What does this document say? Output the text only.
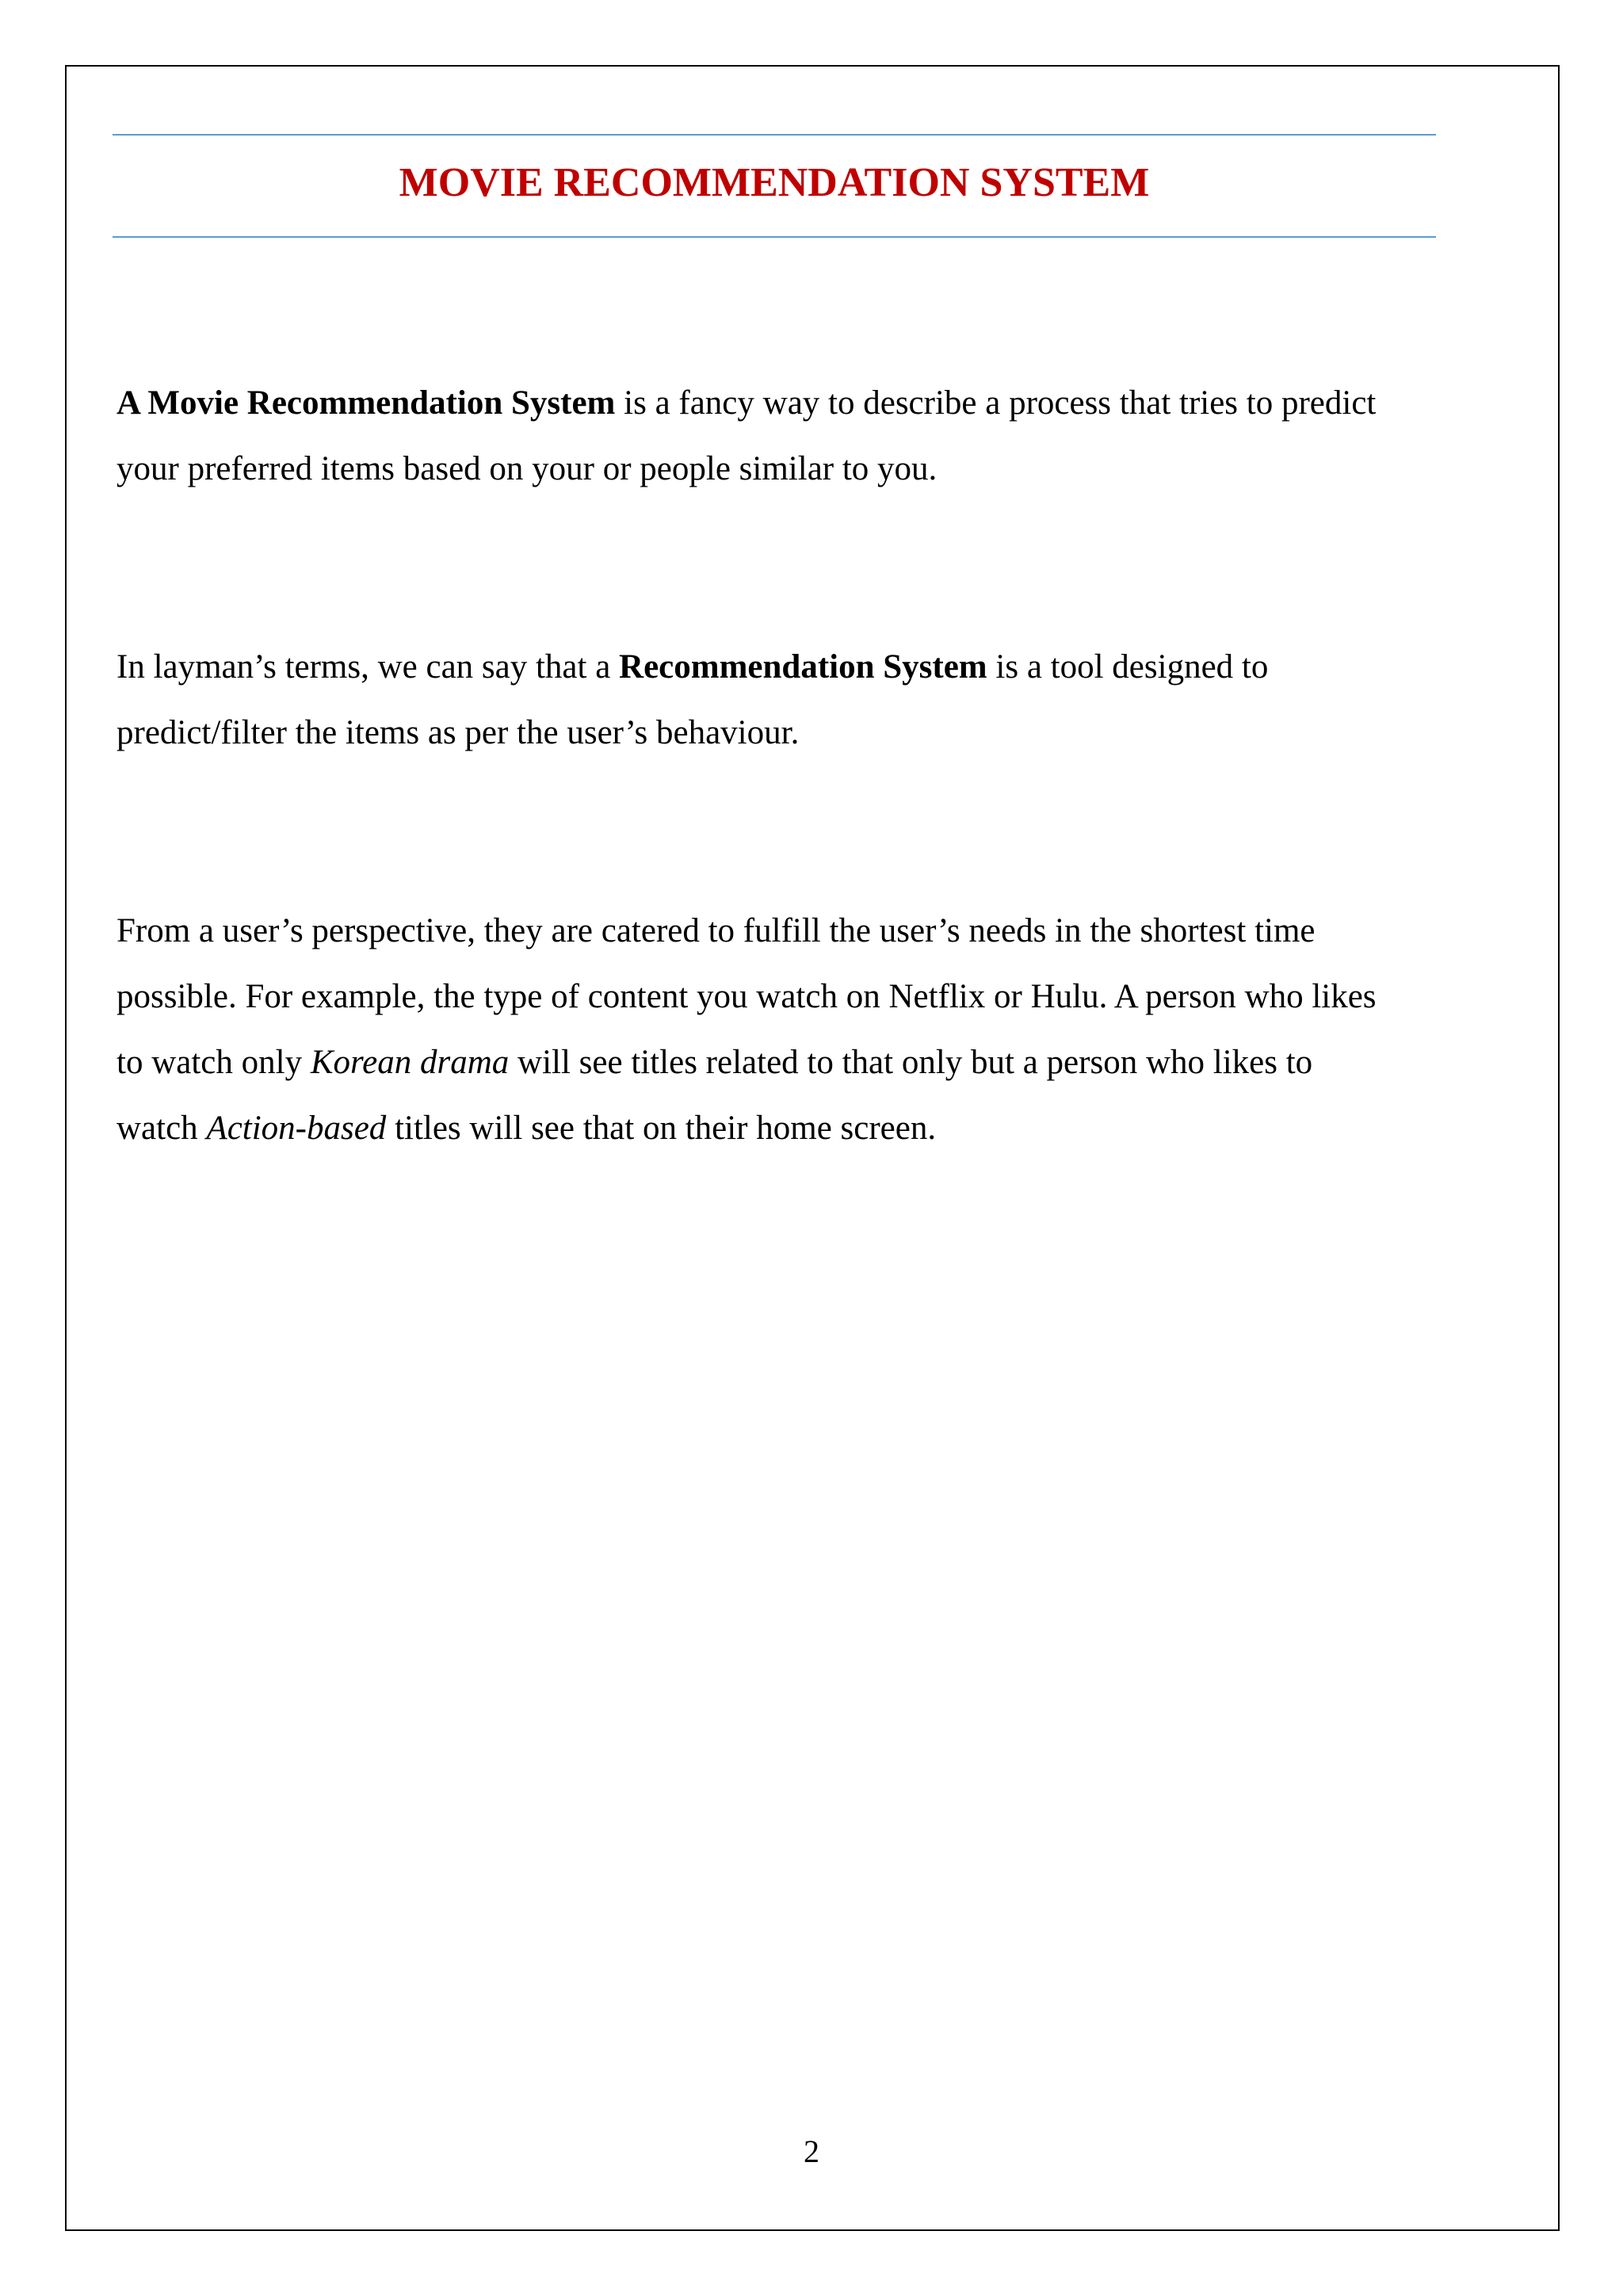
MOVIE RECOMMENDATION SYSTEM

A Movie Recommendation System is a fancy way to describe a process that tries to predict
your preferred items based on your or people similar to you.

In layman’s terms, we can say that a Recommendation System is a tool designed to
predict/filter the items as per the user’s behaviour.

From a user’s perspective, they are catered to fulfill the user’s needs in the shortest time
possible. For example, the type of content you watch on Netflix or Hulu. A person who likes
to watch only Korean drama will see titles related to that only but a person who likes to
watch Action-based titles will see that on their home screen.

2
